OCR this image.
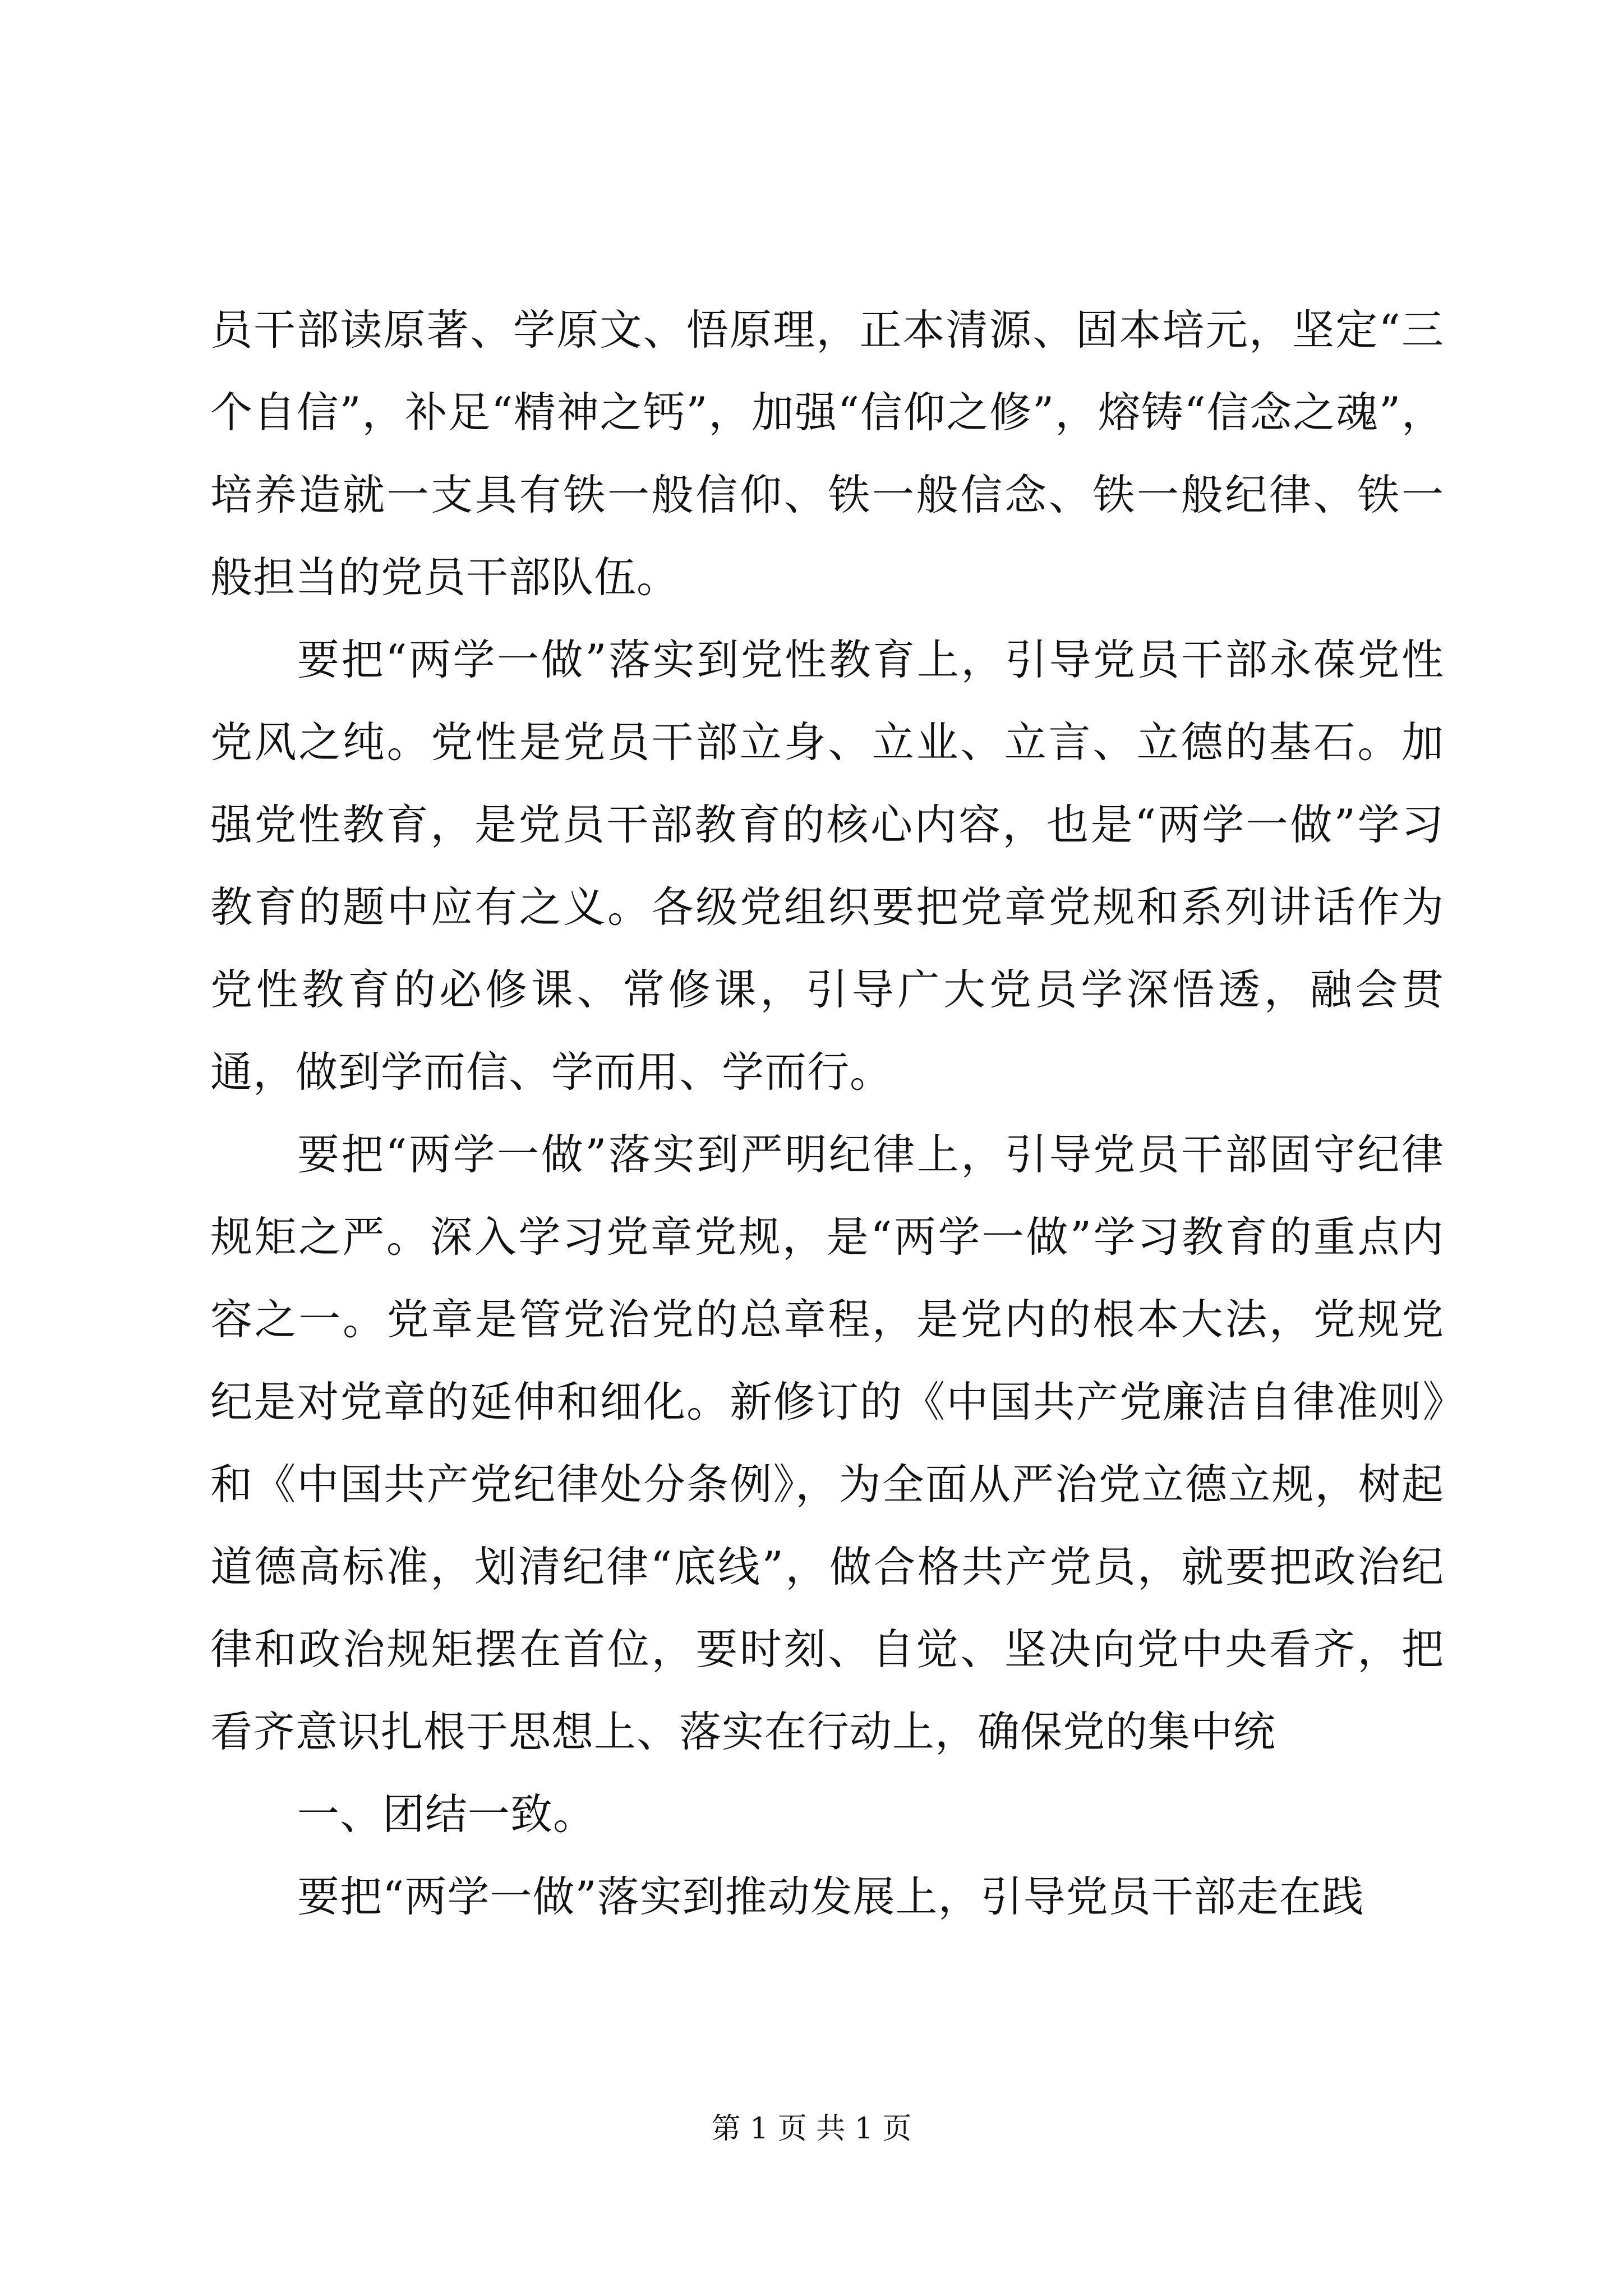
员干部读原著、学原文、悟原理，正本清源、固本培元，坚定“三个自信”，补足“精神之钙”，加强“信仰之修”，熔铸“信念之魂”，培养造就一支具有铁一般信仰、铁一般信念、铁一般纪律、铁一般担当的党员干部队伍。

要把“两学一做”落实到党性教育上，引导党员干部永葆党性党风之纯。党性是党员干部立身、立业、立言、立德的基石。加强党性教育，是党员干部教育的核心内容，也是“两学一做”学习教育的题中应有之义。各级党组织要把党章党规和系列讲话作为党性教育的必修课、常修课，引导广大党员学深悟透，融会贯通，做到学而信、学而用、学而行。

要把“两学一做”落实到严明纪律上，引导党员干部固守纪律规矩之严。深入学习党章党规，是“两学一做”学习教育的重点内容之一。党章是管党治党的总章程，是党内的根本大法，党规党纪是对党章的延伸和细化。新修订的《中国共产党廉洁自律准则》和《中国共产党纪律处分条例》，为全面从严治党立德立规，树起道德高标准，划清纪律“底线”，做合格共产党员，就要把政治纪律和政治规矩摆在首位，要时刻、自觉、坚决向党中央看齐，把看齐意识扎根于思想上、落实在行动上，确保党的集中统

一、团结一致。

要把“两学一做”落实到推动发展上，引导党员干部走在践

第 1 页 共 1 页
